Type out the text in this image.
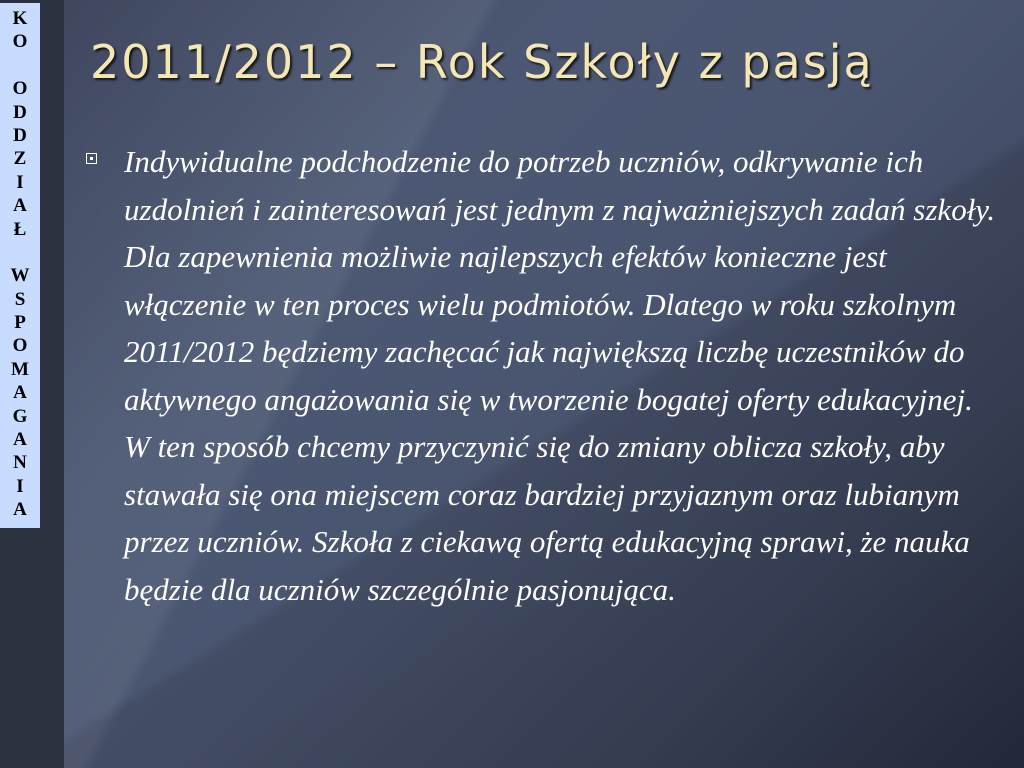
K
O
O
D
D
Z
I
A
Ł
W
S
P
O
M
A
G
A
N
I
A
2011/2012 – Rok Szkoły z pasją

Indywidualne podchodzenie do potrzeb uczniów, odkrywanie ich uzdolnień i zainteresowań jest jednym z najważniejszych zadań szkoły. Dla zapewnienia możliwie najlepszych efektów konieczne jest włączenie w ten proces wielu podmiotów. Dlatego w roku szkolnym 2011/2012 będziemy zachęcać jak największą liczbę uczestników do aktywnego angażowania się w tworzenie bogatej oferty edukacyjnej. W ten sposób chcemy przyczynić się do zmiany oblicza szkoły, aby stawała się ona miejscem coraz bardziej przyjaznym oraz lubianym przez uczniów. Szkoła z ciekawą ofertą edukacyjną sprawi, że nauka będzie dla uczniów szczególnie pasjonująca.
